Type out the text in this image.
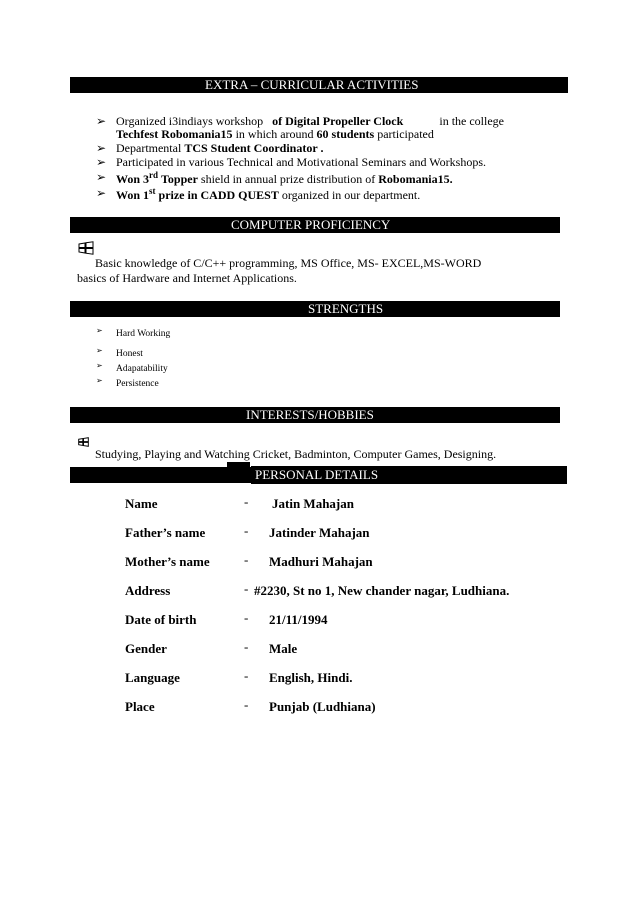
EXTRA – CURRICULAR ACTIVITIES
➢ Organized i3indiays workshop of Digital Propeller Clock	in the college
Techfest Robomania15 in which around 60 students participated
➢ Departmental TCS Student Coordinator .
➢ Participated in various Technical and Motivational Seminars and Workshops.
➢ Won 3rd Topper shield in annual prize distribution of Robomania15.
➢ Won 1st prize in CADD QUEST organized in our department.
COMPUTER PROFICIENCY
Basic knowledge of C/C++ programming, MS Office, MS- EXCEL,MS-WORD
basics of Hardware and Internet Applications.
STRENGTHS
➢ Hard Working
➢ Honest
➢ Adapatability
➢ Persistence
INTERESTS/HOBBIES
Studying, Playing and Watching Cricket, Badminton, Computer Games, Designing.
PERSONAL DETAILS
Name	- Jatin Mahajan
Father’s name	- Jatinder Mahajan
Mother’s name	- Madhuri Mahajan
Address	- #2230, St no 1, New chander nagar, Ludhiana.
Date of birth	- 21/11/1994
Gender	- Male
Language	- English, Hindi.
Place	- Punjab (Ludhiana)
